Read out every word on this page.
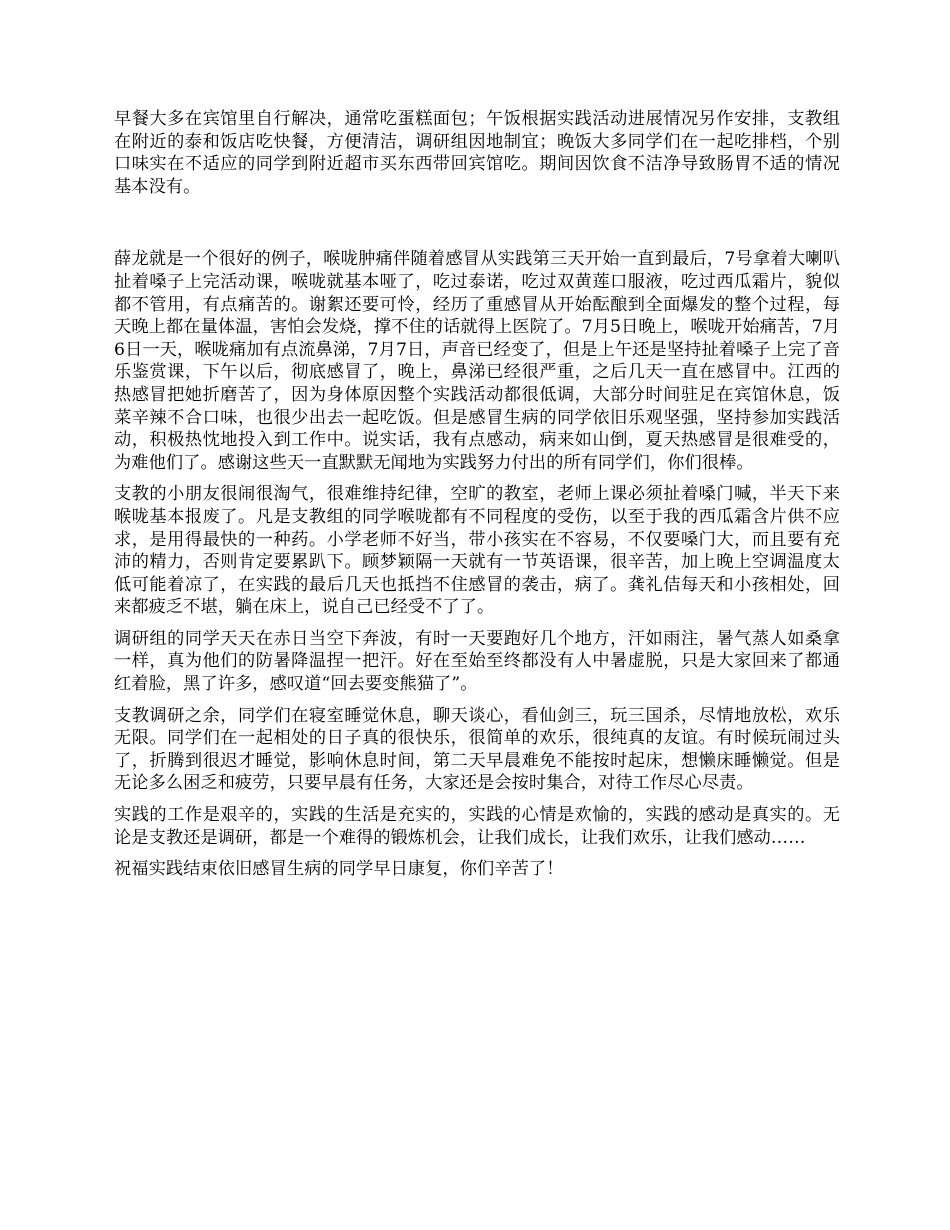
早餐大多在宾馆里自行解决，通常吃蛋糕面包；午饭根据实践活动进展情况另作安排，支教组在附近的泰和饭店吃快餐，方便清洁，调研组因地制宜；晚饭大多同学们在一起吃排档，个别口味实在不适应的同学到附近超市买东西带回宾馆吃。期间因饮食不洁净导致肠胃不适的情况基本没有。

薛龙就是一个很好的例子，喉咙肿痛伴随着感冒从实践第三天开始一直到最后，7号拿着大喇叭扯着嗓子上完活动课，喉咙就基本哑了，吃过泰诺，吃过双黄莲口服液，吃过西瓜霜片，貌似都不管用，有点痛苦的。谢絮还要可怜，经历了重感冒从开始酝酿到全面爆发的整个过程，每天晚上都在量体温，害怕会发烧，撑不住的话就得上医院了。7月5日晚上，喉咙开始痛苦，7月6日一天，喉咙痛加有点流鼻涕，7月7日，声音已经变了，但是上午还是坚持扯着嗓子上完了音乐鉴赏课，下午以后，彻底感冒了，晚上，鼻涕已经很严重，之后几天一直在感冒中。江西的热感冒把她折磨苦了，因为身体原因整个实践活动都很低调，大部分时间驻足在宾馆休息，饭菜辛辣不合口味，也很少出去一起吃饭。但是感冒生病的同学依旧乐观坚强，坚持参加实践活动，积极热忱地投入到工作中。说实话，我有点感动，病来如山倒，夏天热感冒是很难受的，为难他们了。感谢这些天一直默默无闻地为实践努力付出的所有同学们，你们很棒。

支教的小朋友很闹很淘气，很难维持纪律，空旷的教室，老师上课必须扯着嗓门喊，半天下来喉咙基本报废了。凡是支教组的同学喉咙都有不同程度的受伤，以至于我的西瓜霜含片供不应求，是用得最快的一种药。小学老师不好当，带小孩实在不容易，不仅要嗓门大，而且要有充沛的精力，否则肯定要累趴下。顾梦颖隔一天就有一节英语课，很辛苦，加上晚上空调温度太低可能着凉了，在实践的最后几天也抵挡不住感冒的袭击，病了。龚礼佶每天和小孩相处，回来都疲乏不堪，躺在床上，说自己已经受不了了。

调研组的同学天天在赤日当空下奔波，有时一天要跑好几个地方，汗如雨注，暑气蒸人如桑拿一样，真为他们的防暑降温捏一把汗。好在至始至终都没有人中暑虚脱，只是大家回来了都通红着脸，黑了许多，感叹道“回去要变熊猫了”。

支教调研之余，同学们在寝室睡觉休息，聊天谈心，看仙剑三，玩三国杀，尽情地放松，欢乐无限。同学们在一起相处的日子真的很快乐，很简单的欢乐，很纯真的友谊。有时候玩闹过头了，折腾到很迟才睡觉，影响休息时间，第二天早晨难免不能按时起床，想懒床睡懒觉。但是无论多么困乏和疲劳，只要早晨有任务，大家还是会按时集合，对待工作尽心尽责。

实践的工作是艰辛的，实践的生活是充实的，实践的心情是欢愉的，实践的感动是真实的。无论是支教还是调研，都是一个难得的锻炼机会，让我们成长，让我们欢乐，让我们感动……

祝福实践结束依旧感冒生病的同学早日康复，你们辛苦了！
